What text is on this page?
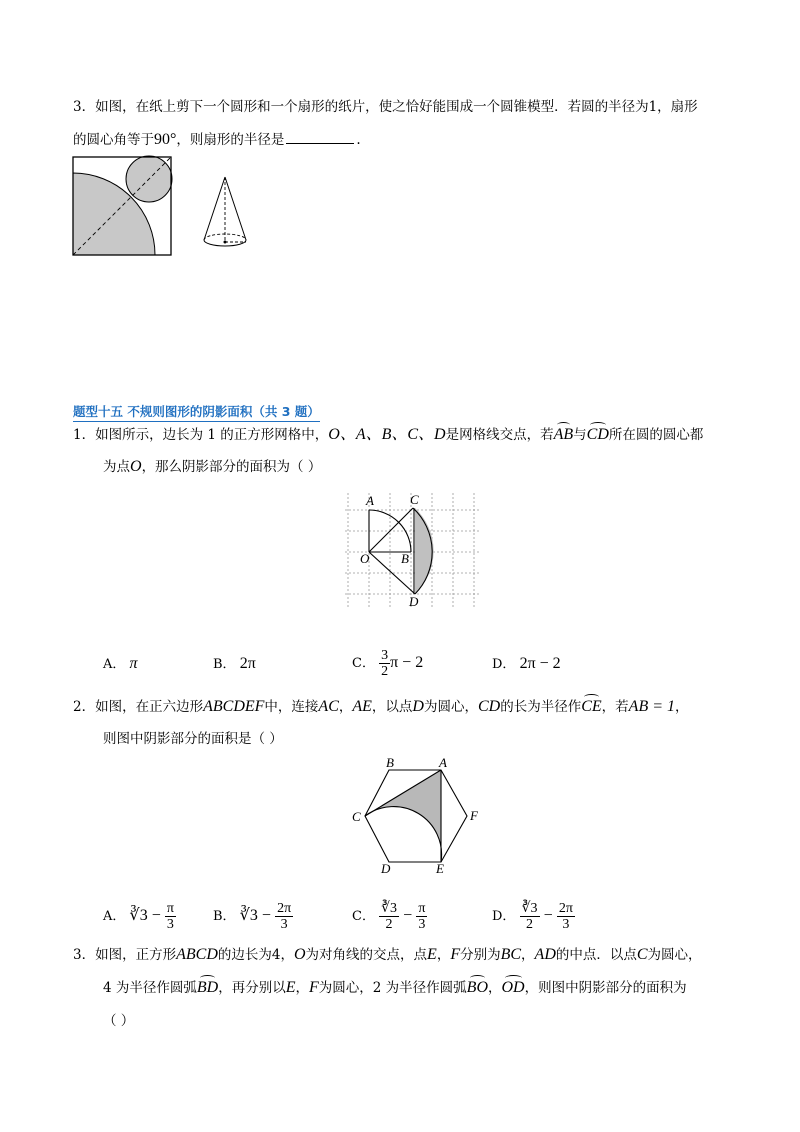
3．如图，在纸上剪下一个圆形和一个扇形的纸片，使之恰好能围成一个圆锥模型．若圆的半径为1，扇形
的圆心角等于90°，则扇形的半径是	.
题型十五 不规则图形的阴影面积（共 3 题）
1．如图所示，边长为 1 的正方形网格中，O、A、B、C、D是网格线交点，若AB与CD所在圆的圆心都
为点O，那么阴影部分的面积为（ ）
A	C
O B
D
A． π	B． 2π	C． $\frac{3}{2}$ π − 2	D． 2π − 2
2．如图，在正六边形ABCDEF中，连接AC，AE，以点D为圆心，CD的长为半径作CE，若AB = 1，
则图中阴影部分的面积是（ ）
B	A
C	F
D	E
A． ∛3 − $\frac{\pi}{3}$	B． ∛3 − $\frac{2\pi}{3}$	C． $\frac{∛3}{2} - \frac{\pi}{3}$	D． $\frac{∛3}{2} - \frac{2\pi}{3}$
3．如图，正方形ABCD的边长为4，O为对角线的交点，点E，F分别为BC，AD的中点．以点C为圆心，
4 为半径作圆弧BD，再分别以E，F为圆心，2 为半径作圆弧BO，OD，则图中阴影部分的面积为
（ ）
